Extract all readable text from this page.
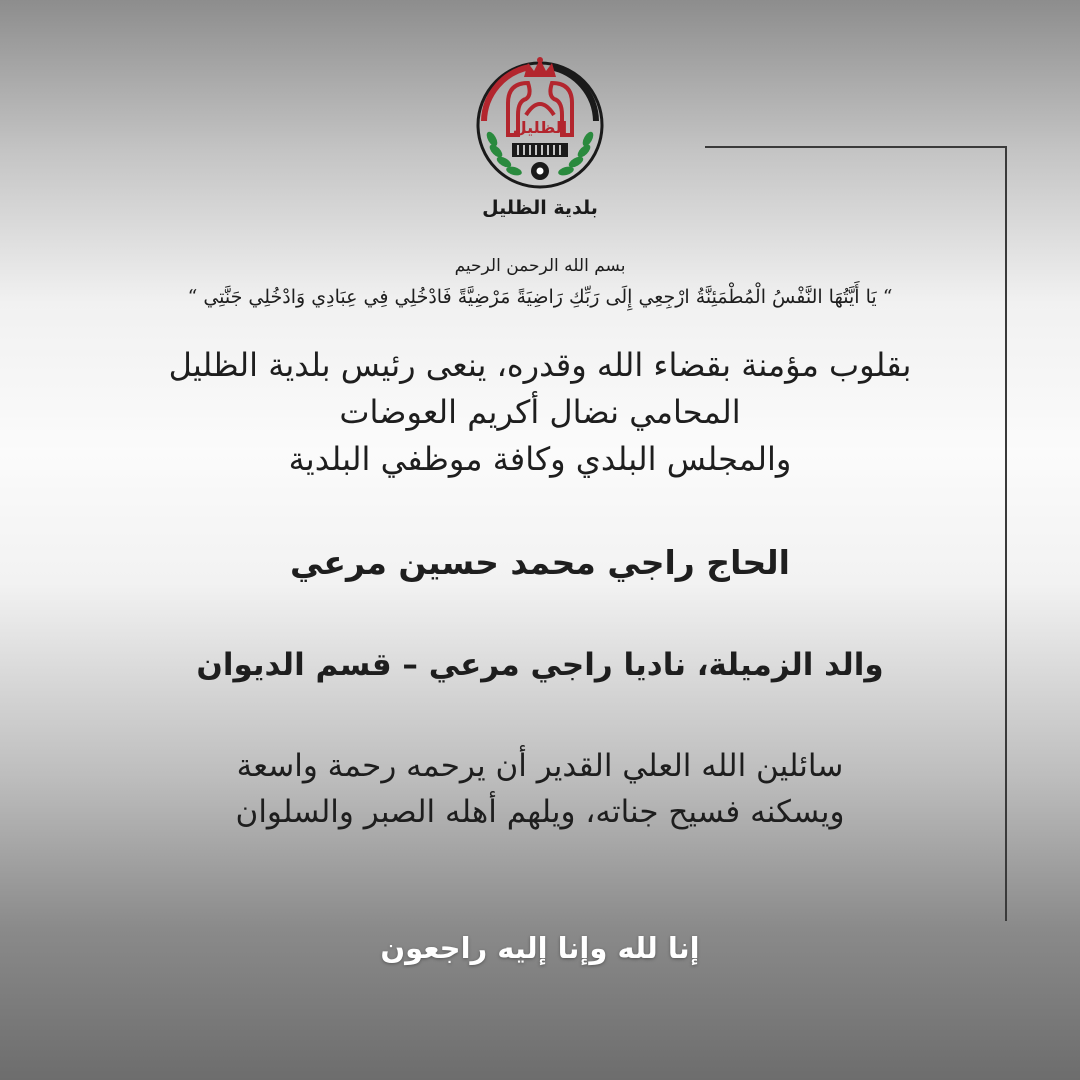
الظليل
بلدية الظليل
بسم الله الرحمن الرحيم
“ يَا أَيَّتُهَا النَّفْسُ الْمُطْمَئِنَّةُ ارْجِعِي إِلَى رَبِّكِ رَاضِيَةً مَرْضِيَّةً فَادْخُلِي فِي عِبَادِي وَادْخُلِي جَنَّتِي “
بقلوب مؤمنة بقضاء الله وقدره، ينعى رئيس بلدية الظليل
المحامي نضال أكريم العوضات
والمجلس البلدي وكافة موظفي البلدية
الحاج راجي محمد حسين مرعي
والد الزميلة، ناديا راجي مرعي – قسم الديوان
سائلين الله العلي القدير أن يرحمه رحمة واسعة
ويسكنه فسيح جناته، ويلهم أهله الصبر والسلوان
إنا لله وإنا إليه راجعون
